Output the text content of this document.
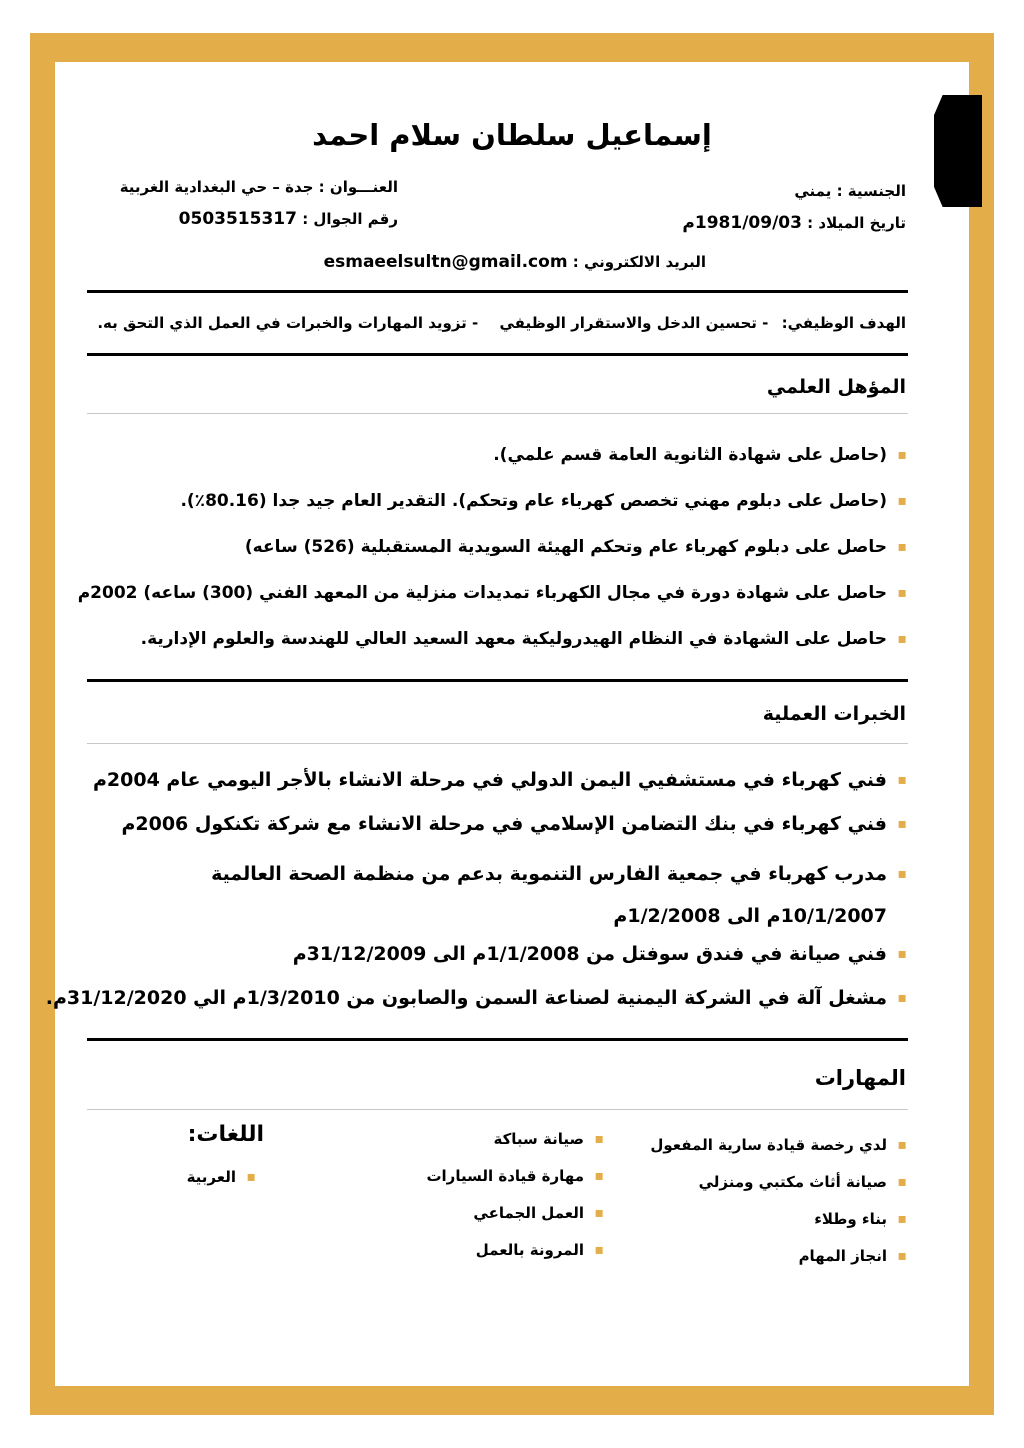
إسماعيل سلطان سلام احمد
الجنسية : يمني
تاريخ الميلاد : 1981/09/03م
العنـــوان : جدة – حي البغدادية الغربية
رقم الجوال : 0503515317
البريد الالكتروني : esmaeelsultn@gmail.com
الهدف الوظيفي: - تحسين الدخل والاستقرار الوظيفي - تزويد المهارات والخبرات في العمل الذي التحق به.
المؤهل العلمي
▪
(حاصل على شهادة الثانوية العامة قسم علمي).
▪
(حاصل على دبلوم مهني تخصص كهرباء عام وتحكم). التقدير العام جيد جدا (80.16٪).
▪
حاصل على دبلوم كهرباء عام وتحكم الهيئة السويدية المستقبلية (526) ساعه)
▪
حاصل على شهادة دورة في مجال الكهرباء تمديدات منزلية من المعهد الفني (300) ساعه) 2002م
▪
حاصل على الشهادة في النظام الهيدروليكية معهد السعيد العالي للهندسة والعلوم الإدارية.
الخبرات العملية
▪
فني كهرباء في مستشفيي اليمن الدولي في مرحلة الانشاء بالأجر اليومي عام 2004م
▪
فني كهرباء في بنك التضامن الإسلامي في مرحلة الانشاء مع شركة تكنكول 2006م
▪
مدرب كهرباء في جمعية الفارس التنموية بدعم من منظمة الصحة العالمية 10/1/2007م الى 1/2/2008م
▪
فني صيانة في فندق سوفتل من 1/1/2008م الى 31/12/2009م
▪
مشغل آلة في الشركة اليمنية لصناعة السمن والصابون من 1/3/2010م الي 31/12/2020م.
المهارات
▪
لدي رخصة قيادة سارية المفعول
▪
صيانة أثاث مكتبي ومنزلي
▪
بناء وطلاء
▪
انجاز المهام
▪
صيانة سباكة
▪
مهارة قيادة السيارات
▪
العمل الجماعي
▪
المرونة بالعمل
اللغات:
▪
العربية
